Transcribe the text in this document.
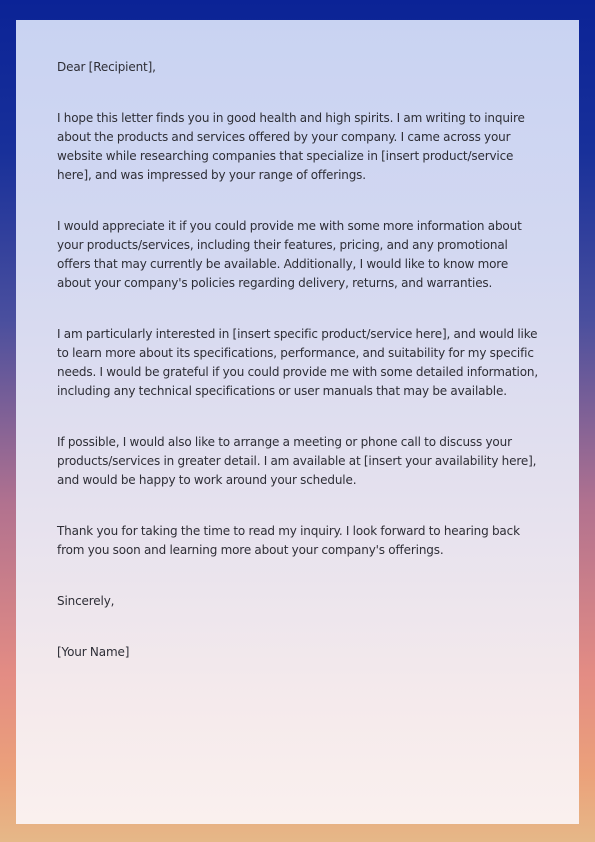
Dear [Recipient],

I hope this letter finds you in good health and high spirits. I am writing to inquire about the products and services offered by your company. I came across your website while researching companies that specialize in [insert product/service here], and was impressed by your range of offerings.

I would appreciate it if you could provide me with some more information about your products/services, including their features, pricing, and any promotional offers that may currently be available. Additionally, I would like to know more about your company's policies regarding delivery, returns, and warranties.

I am particularly interested in [insert specific product/service here], and would like to learn more about its specifications, performance, and suitability for my specific needs. I would be grateful if you could provide me with some detailed information, including any technical specifications or user manuals that may be available.

If possible, I would also like to arrange a meeting or phone call to discuss your products/services in greater detail. I am available at [insert your availability here], and would be happy to work around your schedule.

Thank you for taking the time to read my inquiry. I look forward to hearing back from you soon and learning more about your company's offerings.

Sincerely,

[Your Name]
